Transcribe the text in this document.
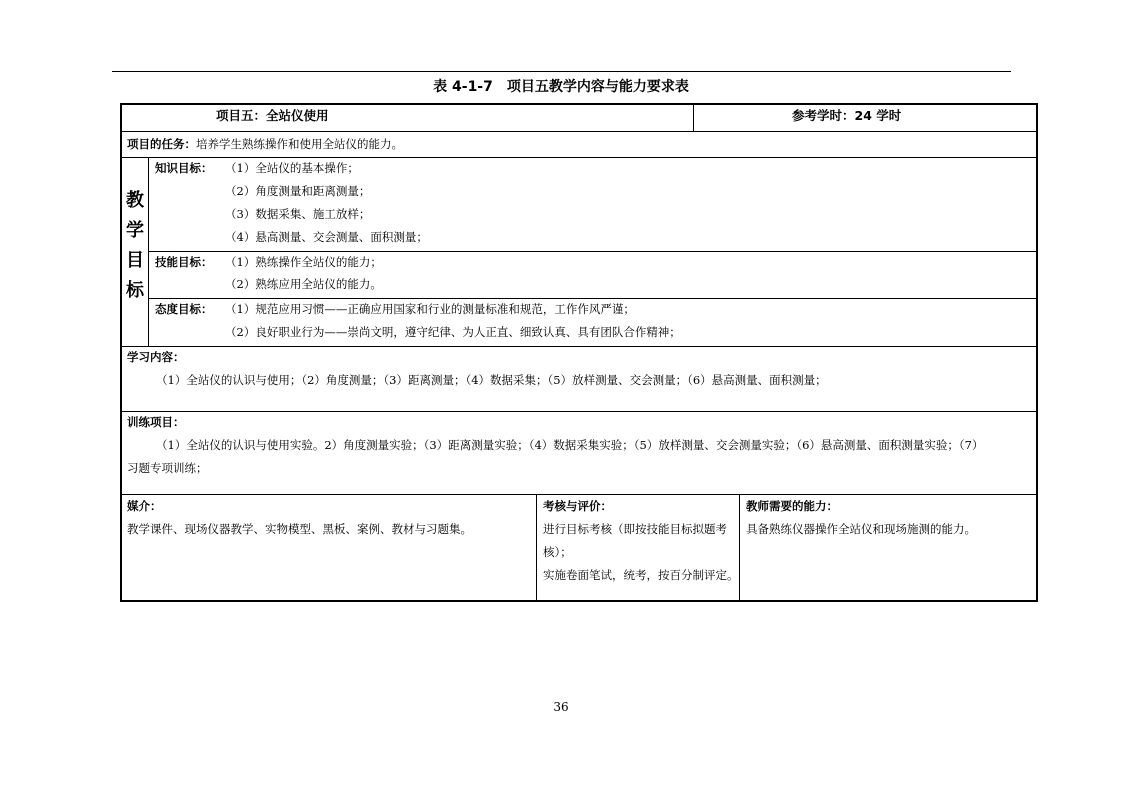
表 4-1-7　项目五教学内容与能力要求表
项目五：全站仪使用	参考学时：24 学时
项目的任务：培养学生熟练操作和使用全站仪的能力。
教
学
目
标
知识目标： （1）全站仪的基本操作；
（2）角度测量和距离测量；
（3）数据采集、施工放样；
（4）悬高测量、交会测量、面积测量；
技能目标： （1）熟练操作全站仪的能力；
（2）熟练应用全站仪的能力。
态度目标： （1）规范应用习惯——正确应用国家和行业的测量标准和规范，工作作风严谨；
（2）良好职业行为——崇尚文明，遵守纪律、为人正直、细致认真、具有团队合作精神；
学习内容：
（1）全站仪的认识与使用；（2）角度测量；（3）距离测量；（4）数据采集；（5）放样测量、交会测量；（6）悬高测量、面积测量；
训练项目：
（1）全站仪的认识与使用实验。2）角度测量实验；（3）距离测量实验；（4）数据采集实验；（5）放样测量、交会测量实验；（6）悬高测量、面积测量实验；（7）
习题专项训练；
媒介：
教学课件、现场仪器教学、实物模型、黑板、案例、教材与习题集。
考核与评价：
进行目标考核（即按技能目标拟题考
核）；
实施卷面笔试，统考，按百分制评定。
教师需要的能力：
具备熟练仪器操作全站仪和现场施测的能力。
36
